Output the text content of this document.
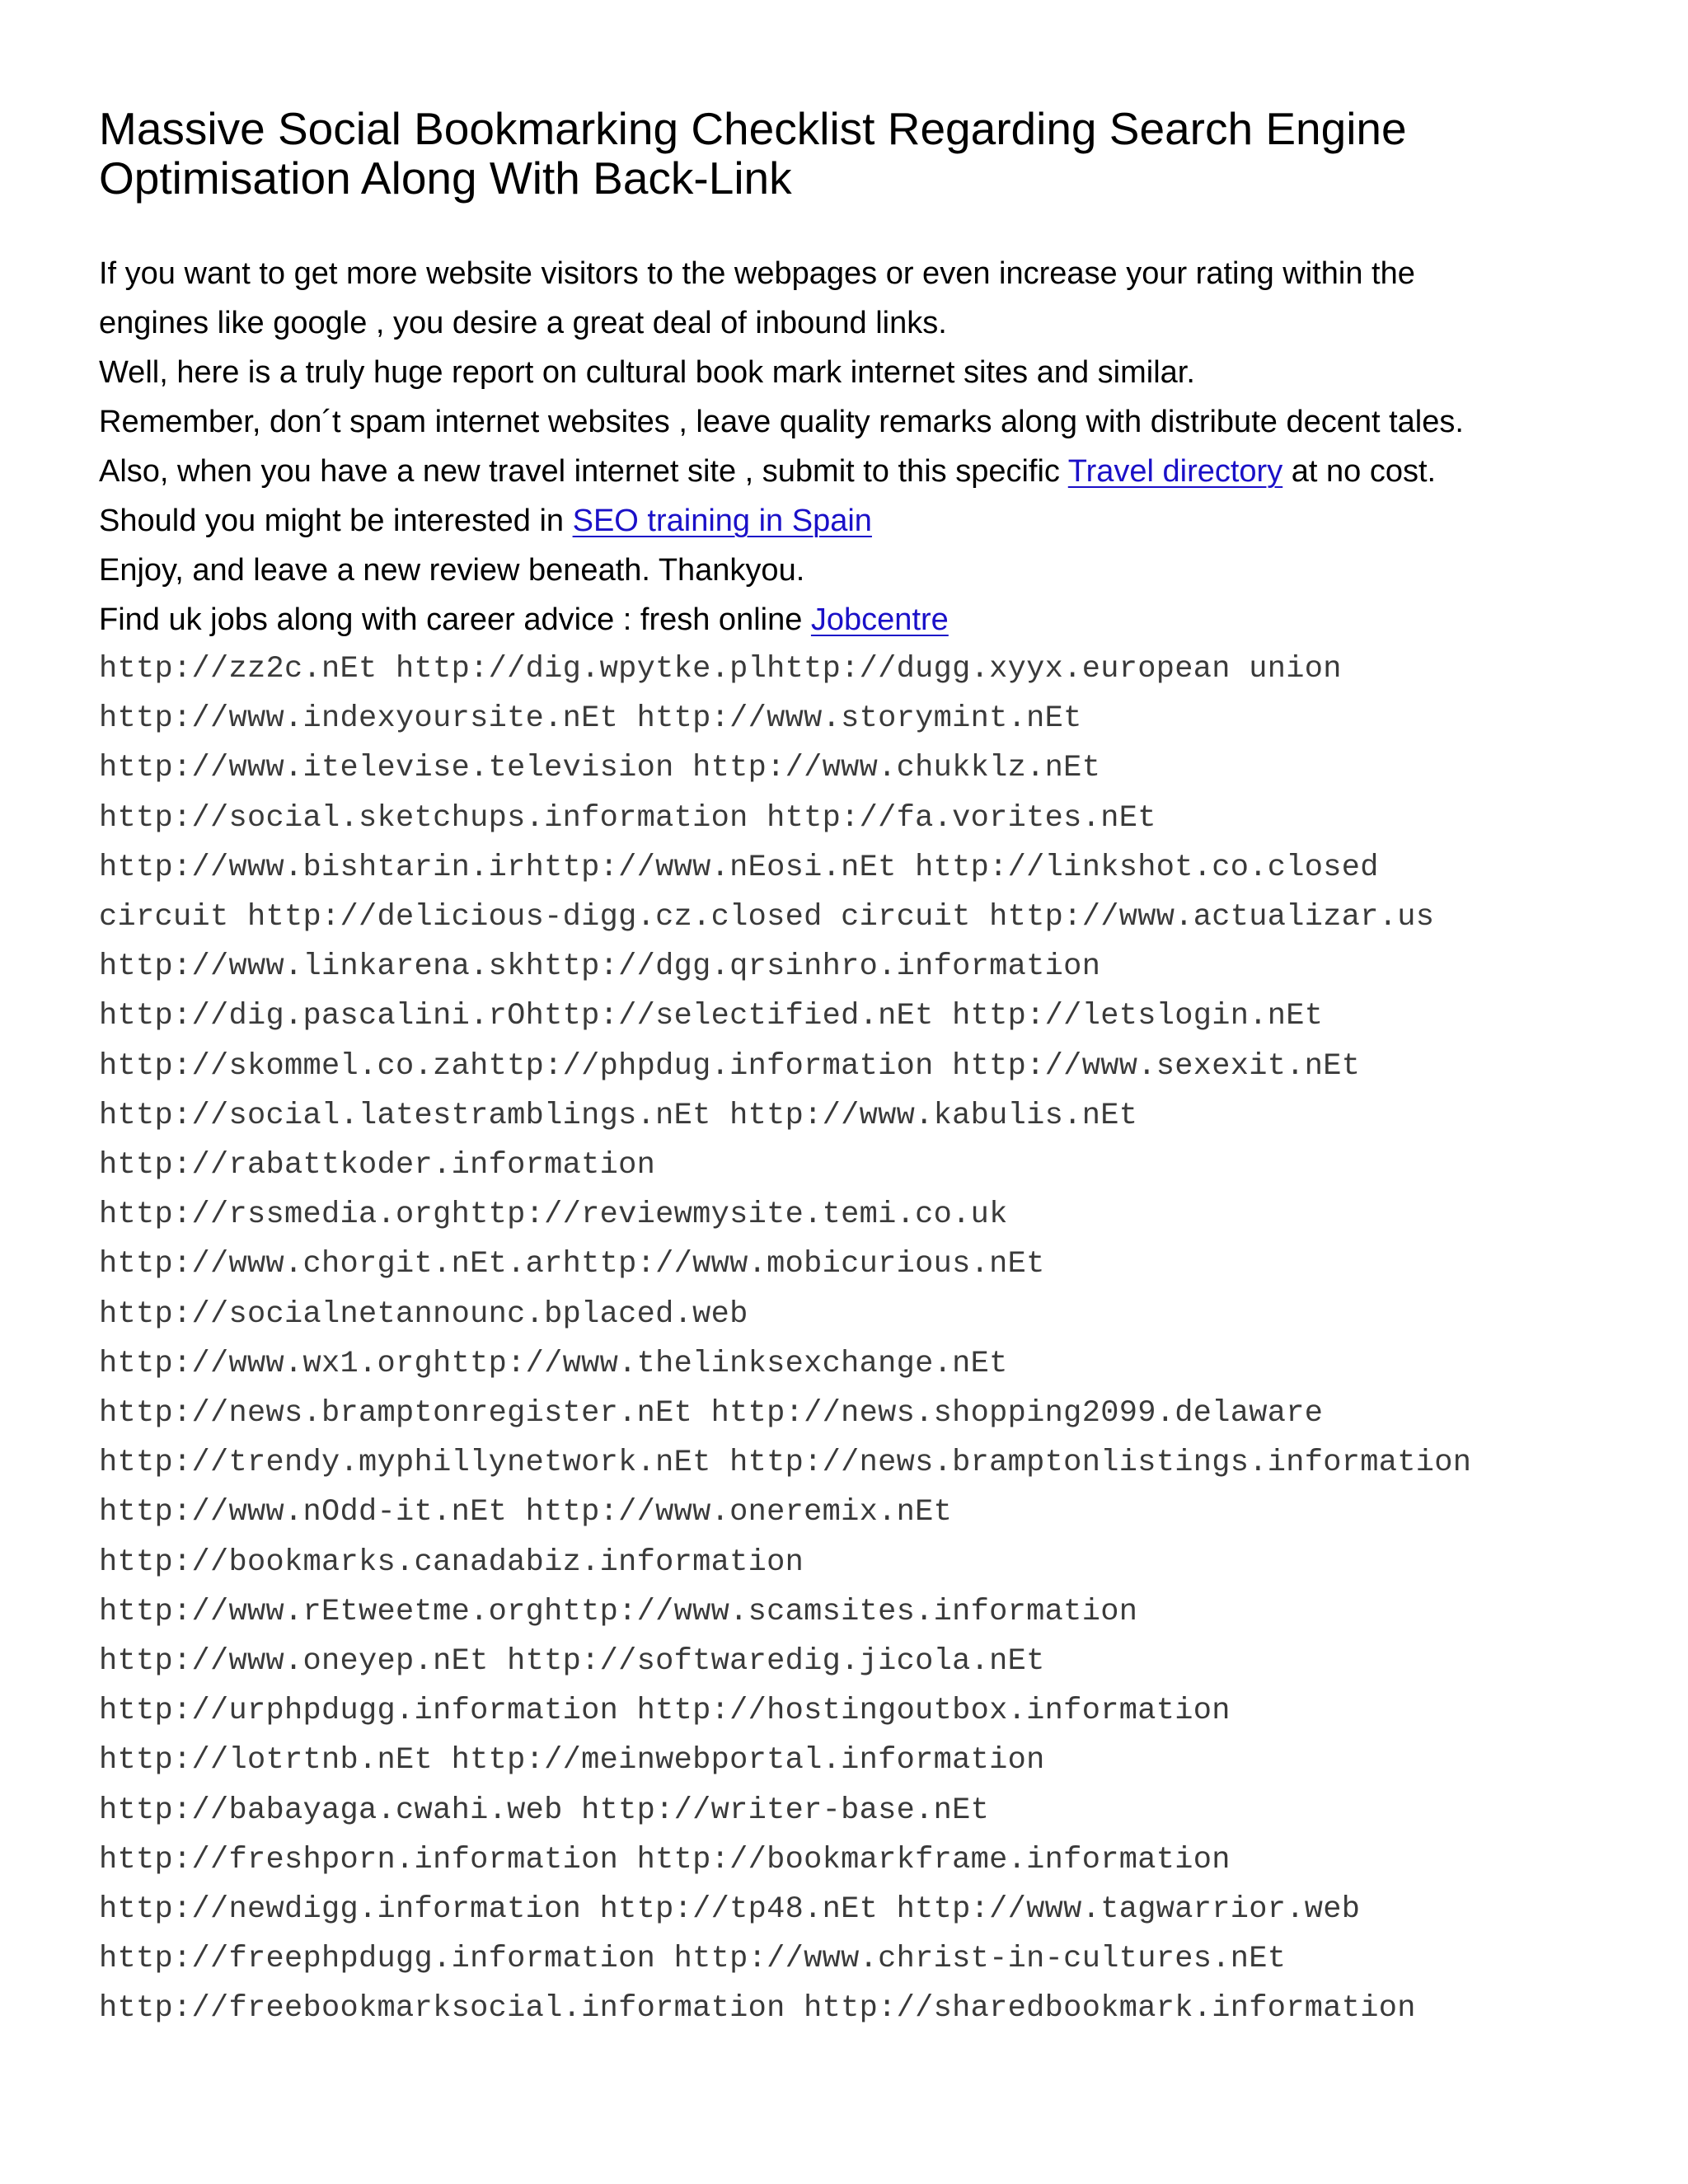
Massive Social Bookmarking Checklist Regarding Search Engine Optimisation Along With Back-Link
If you want to get more website visitors to the webpages or even increase your rating within the
engines like google , you desire a great deal of inbound links.
Well, here is a truly huge report on cultural book mark internet sites and similar.
Remember, don´t spam internet websites , leave quality remarks along with distribute decent tales.
Also, when you have a new travel internet site , submit to this specific Travel directory at no cost.
Should you might be interested in SEO training in Spain
Enjoy, and leave a new review beneath. Thankyou.
Find uk jobs along with career advice : fresh online Jobcentre
http://zz2c.nEt http://dig.wpytke.plhttp://dugg.xyyx.european union
http://www.indexyoursite.nEt http://www.storymint.nEt
http://www.itelevise.television http://www.chukklz.nEt
http://social.sketchups.information http://fa.vorites.nEt
http://www.bishtarin.irhttp://www.nEosi.nEt http://linkshot.co.closed
circuit http://delicious-digg.cz.closed circuit http://www.actualizar.us
http://www.linkarena.skhttp://dgg.qrsinhro.information
http://dig.pascalini.rOhttp://selectified.nEt http://letslogin.nEt
http://skommel.co.zahttp://phpdug.information http://www.sexexit.nEt
http://social.latestramblings.nEt http://www.kabulis.nEt
http://rabattkoder.information
http://rssmedia.orghttp://reviewmysite.temi.co.uk
http://www.chorgit.nEt.arhttp://www.mobicurious.nEt
http://socialnetannounc.bplaced.web
http://www.wx1.orghttp://www.thelinksexchange.nEt
http://news.bramptonregister.nEt http://news.shopping2099.delaware
http://trendy.myphillynetwork.nEt http://news.bramptonlistings.information
http://www.nOdd-it.nEt http://www.oneremix.nEt
http://bookmarks.canadabiz.information
http://www.rEtweetme.orghttp://www.scamsites.information
http://www.oneyep.nEt http://softwaredig.jicola.nEt
http://urphpdugg.information http://hostingoutbox.information
http://lotrtnb.nEt http://meinwebportal.information
http://babayaga.cwahi.web http://writer-base.nEt
http://freshporn.information http://bookmarkframe.information
http://newdigg.information http://tp48.nEt http://www.tagwarrior.web
http://freephpdugg.information http://www.christ-in-cultures.nEt
http://freebookmarksocial.information http://sharedbookmark.information
